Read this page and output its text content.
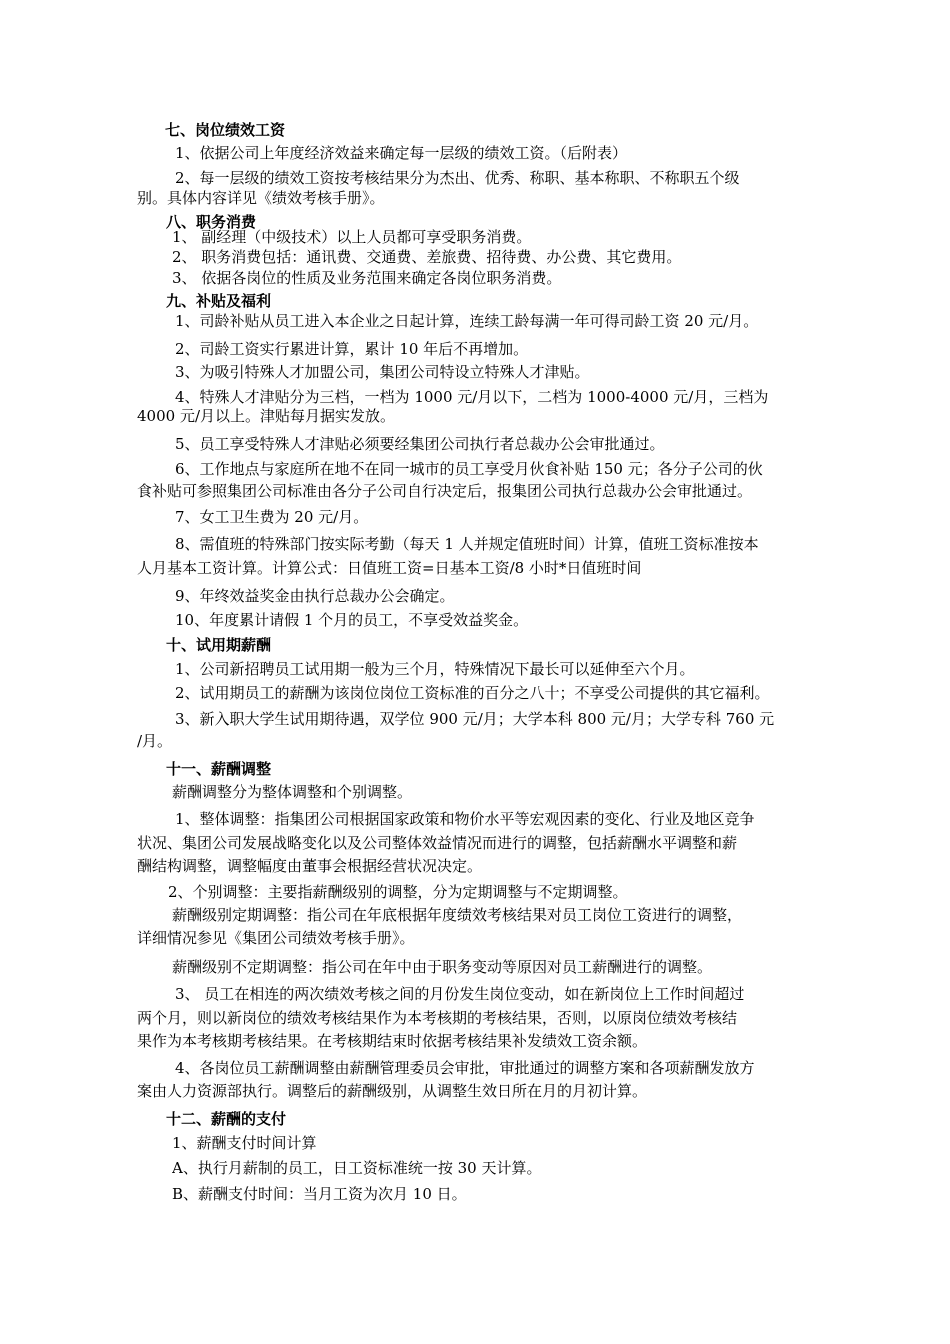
七、岗位绩效工资
1、依据公司上年度经济效益来确定每一层级的绩效工资。（后附表）
2、每一层级的绩效工资按考核结果分为杰出、优秀、称职、基本称职、不称职五个级
别。具体内容详见《绩效考核手册》。
八、职务消费
1、 副经理（中级技术）以上人员都可享受职务消费。
2、 职务消费包括：通讯费、交通费、差旅费、招待费、办公费、其它费用。
3、 依据各岗位的性质及业务范围来确定各岗位职务消费。
九、补贴及福利
1、司龄补贴从员工进入本企业之日起计算，连续工龄每满一年可得司龄工资 20 元/月。
2、司龄工资实行累进计算，累计 10 年后不再增加。
3、为吸引特殊人才加盟公司，集团公司特设立特殊人才津贴。
4、特殊人才津贴分为三档，一档为 1000 元/月以下，二档为 1000-4000 元/月，三档为
4000 元/月以上。津贴每月据实发放。
5、员工享受特殊人才津贴必须要经集团公司执行者总裁办公会审批通过。
6、工作地点与家庭所在地不在同一城市的员工享受月伙食补贴 150 元；各分子公司的伙
食补贴可参照集团公司标准由各分子公司自行决定后，报集团公司执行总裁办公会审批通过。
7、女工卫生费为 20 元/月。
8、需值班的特殊部门按实际考勤（每天 1 人并规定值班时间）计算，值班工资标准按本
人月基本工资计算。计算公式：日值班工资=日基本工资/8 小时*日值班时间
9、年终效益奖金由执行总裁办公会确定。
10、年度累计请假 1 个月的员工，不享受效益奖金。
十、试用期薪酬
1、公司新招聘员工试用期一般为三个月，特殊情况下最长可以延伸至六个月。
2、试用期员工的薪酬为该岗位岗位工资标准的百分之八十；不享受公司提供的其它福利。
3、新入职大学生试用期待遇，双学位 900 元/月；大学本科 800 元/月；大学专科 760 元
/月。
十一、薪酬调整
薪酬调整分为整体调整和个别调整。
1、整体调整：指集团公司根据国家政策和物价水平等宏观因素的变化、行业及地区竞争
状况、集团公司发展战略变化以及公司整体效益情况而进行的调整，包括薪酬水平调整和薪
酬结构调整，调整幅度由董事会根据经营状况决定。
2、个别调整：主要指薪酬级别的调整，分为定期调整与不定期调整。
薪酬级别定期调整：指公司在年底根据年度绩效考核结果对员工岗位工资进行的调整，
详细情况参见《集团公司绩效考核手册》。
薪酬级别不定期调整：指公司在年中由于职务变动等原因对员工薪酬进行的调整。
3、 员工在相连的两次绩效考核之间的月份发生岗位变动，如在新岗位上工作时间超过
两个月，则以新岗位的绩效考核结果作为本考核期的考核结果，否则，以原岗位绩效考核结
果作为本考核期考核结果。在考核期结束时依据考核结果补发绩效工资余额。
4、各岗位员工薪酬调整由薪酬管理委员会审批，审批通过的调整方案和各项薪酬发放方
案由人力资源部执行。调整后的薪酬级别，从调整生效日所在月的月初计算。
十二、薪酬的支付
1、薪酬支付时间计算
A、执行月薪制的员工，日工资标准统一按 30 天计算。
B、薪酬支付时间：当月工资为次月 10 日。
